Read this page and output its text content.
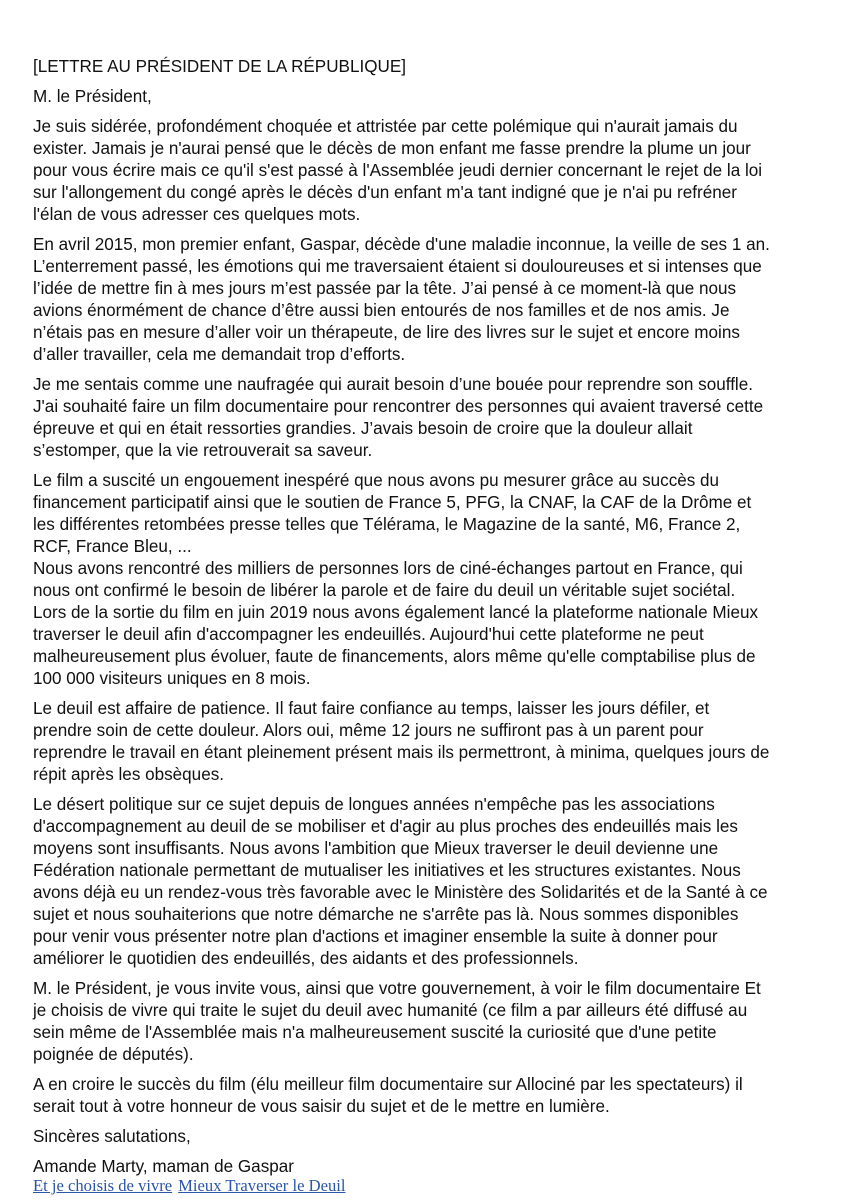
[LETTRE AU PRÉSIDENT DE LA RÉPUBLIQUE]

M. le Président,

Je suis sidérée, profondément choquée et attristée par cette polémique qui n'aurait jamais du
exister. Jamais je n'aurai pensé que le décès de mon enfant me fasse prendre la plume un jour
pour vous écrire mais ce qu'il s'est passé à l'Assemblée jeudi dernier concernant le rejet de la loi
sur l'allongement du congé après le décès d'un enfant m'a tant indigné que je n'ai pu refréner
l'élan de vous adresser ces quelques mots.

En avril 2015, mon premier enfant, Gaspar, décède d'une maladie inconnue, la veille de ses 1 an.
L’enterrement passé, les émotions qui me traversaient étaient si douloureuses et si intenses que
l’idée de mettre fin à mes jours m’est passée par la tête. J’ai pensé à ce moment-là que nous
avions énormément de chance d’être aussi bien entourés de nos familles et de nos amis. Je
n’étais pas en mesure d’aller voir un thérapeute, de lire des livres sur le sujet et encore moins
d’aller travailler, cela me demandait trop d’efforts.

Je me sentais comme une naufragée qui aurait besoin d’une bouée pour reprendre son souffle.
J'ai souhaité faire un film documentaire pour rencontrer des personnes qui avaient traversé cette
épreuve et qui en était ressorties grandies. J’avais besoin de croire que la douleur allait
s’estomper, que la vie retrouverait sa saveur.

Le film a suscité un engouement inespéré que nous avons pu mesurer grâce au succès du
financement participatif ainsi que le soutien de France 5, PFG, la CNAF, la CAF de la Drôme et
les différentes retombées presse telles que Télérama, le Magazine de la santé, M6, France 2,
RCF, France Bleu, ...
Nous avons rencontré des milliers de personnes lors de ciné-échanges partout en France, qui
nous ont confirmé le besoin de libérer la parole et de faire du deuil un véritable sujet sociétal.
Lors de la sortie du film en juin 2019 nous avons également lancé la plateforme nationale Mieux
traverser le deuil afin d'accompagner les endeuillés. Aujourd'hui cette plateforme ne peut
malheureusement plus évoluer, faute de financements, alors même qu'elle comptabilise plus de
100 000 visiteurs uniques en 8 mois.

Le deuil est affaire de patience. Il faut faire confiance au temps, laisser les jours défiler, et
prendre soin de cette douleur. Alors oui, même 12 jours ne suffiront pas à un parent pour
reprendre le travail en étant pleinement présent mais ils permettront, à minima, quelques jours de
répit après les obsèques.

Le désert politique sur ce sujet depuis de longues années n'empêche pas les associations
d'accompagnement au deuil de se mobiliser et d'agir au plus proches des endeuillés mais les
moyens sont insuffisants. Nous avons l'ambition que Mieux traverser le deuil devienne une
Fédération nationale permettant de mutualiser les initiatives et les structures existantes. Nous
avons déjà eu un rendez-vous très favorable avec le Ministère des Solidarités et de la Santé à ce
sujet et nous souhaiterions que notre démarche ne s'arrête pas là. Nous sommes disponibles
pour venir vous présenter notre plan d'actions et imaginer ensemble la suite à donner pour
améliorer le quotidien des endeuillés, des aidants et des professionnels.

M. le Président, je vous invite vous, ainsi que votre gouvernement, à voir le film documentaire Et
je choisis de vivre qui traite le sujet du deuil avec humanité (ce film a par ailleurs été diffusé au
sein même de l'Assemblée mais n'a malheureusement suscité la curiosité que d'une petite
poignée de députés).

A en croire le succès du film (élu meilleur film documentaire sur Allociné par les spectateurs) il
serait tout à votre honneur de vous saisir du sujet et de le mettre en lumière.

Sincères salutations,

Amande Marty, maman de Gaspar

Et je choisis de vivre Mieux Traverser le Deuil
